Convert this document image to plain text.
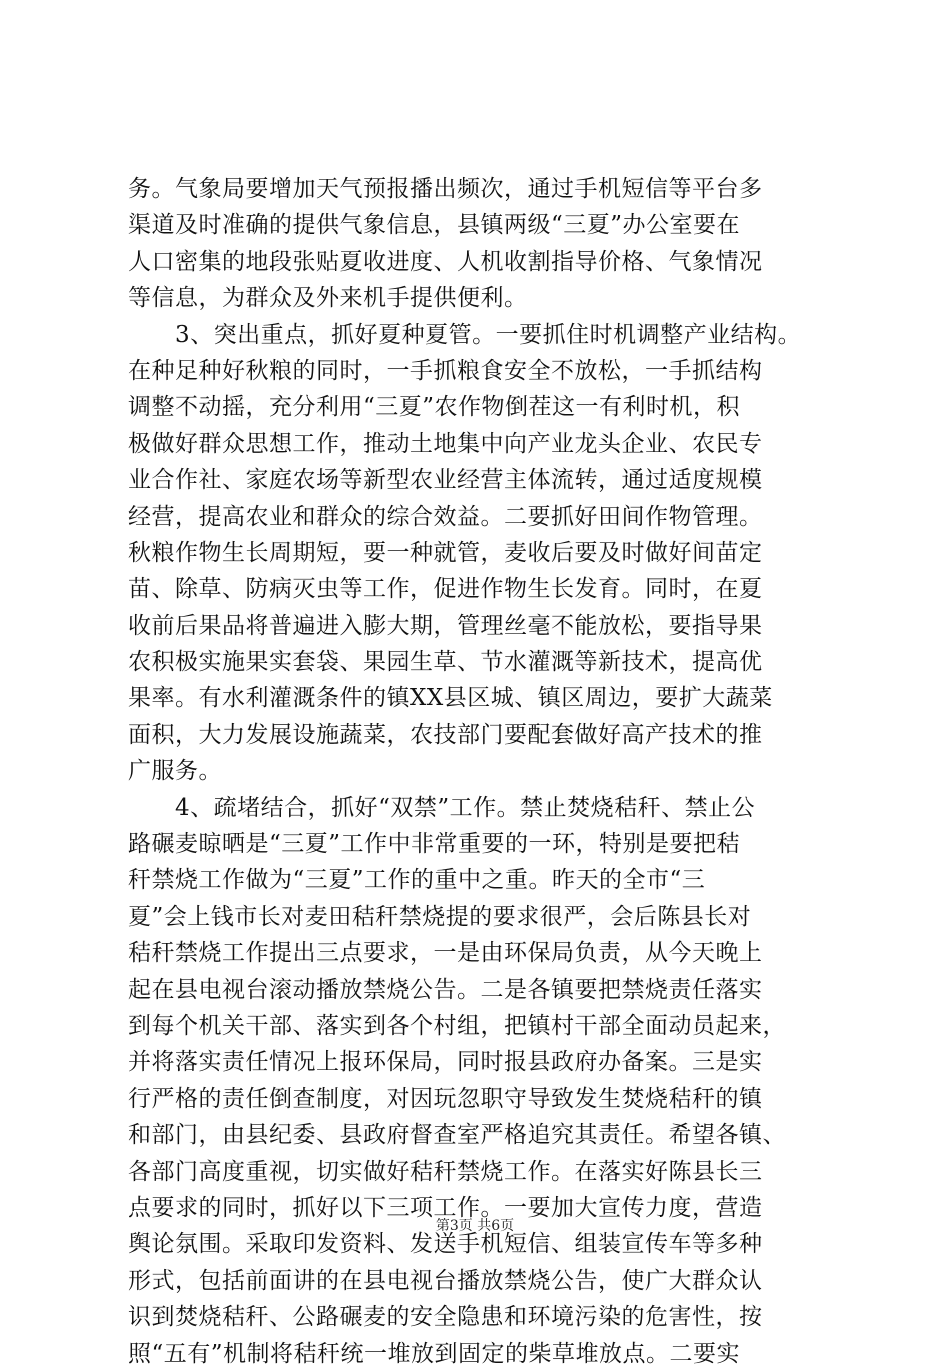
务。气象局要增加天气预报播出频次，通过手机短信等平台多
渠道及时准确的提供气象信息，县镇两级“三夏”办公室要在
人口密集的地段张贴夏收进度、人机收割指导价格、气象情况
等信息，为群众及外来机手提供便利。
　　3、突出重点，抓好夏种夏管。一要抓住时机调整产业结构。
在种足种好秋粮的同时，一手抓粮食安全不放松，一手抓结构
调整不动摇，充分利用“三夏”农作物倒茬这一有利时机，积
极做好群众思想工作，推动土地集中向产业龙头企业、农民专
业合作社、家庭农场等新型农业经营主体流转，通过适度规模
经营，提高农业和群众的综合效益。二要抓好田间作物管理。
秋粮作物生长周期短，要一种就管，麦收后要及时做好间苗定
苗、除草、防病灭虫等工作，促进作物生长发育。同时，在夏
收前后果品将普遍进入膨大期，管理丝毫不能放松，要指导果
农积极实施果实套袋、果园生草、节水灌溉等新技术，提高优
果率。有水利灌溉条件的镇XX县区城、镇区周边，要扩大蔬菜
面积，大力发展设施蔬菜，农技部门要配套做好高产技术的推
广服务。
　　4、疏堵结合，抓好“双禁”工作。禁止焚烧秸秆、禁止公
路碾麦晾晒是“三夏”工作中非常重要的一环，特别是要把秸
秆禁烧工作做为“三夏”工作的重中之重。昨天的全市“三
夏”会上钱市长对麦田秸秆禁烧提的要求很严，会后陈县长对
秸秆禁烧工作提出三点要求，一是由环保局负责，从今天晚上
起在县电视台滚动播放禁烧公告。二是各镇要把禁烧责任落实
到每个机关干部、落实到各个村组，把镇村干部全面动员起来，
并将落实责任情况上报环保局，同时报县政府办备案。三是实
行严格的责任倒查制度，对因玩忽职守导致发生焚烧秸秆的镇
和部门，由县纪委、县政府督查室严格追究其责任。希望各镇、
各部门高度重视，切实做好秸秆禁烧工作。在落实好陈县长三
点要求的同时，抓好以下三项工作。一要加大宣传力度，营造
舆论氛围。采取印发资料、发送手机短信、组装宣传车等多种
形式，包括前面讲的在县电视台播放禁烧公告，使广大群众认
识到焚烧秸秆、公路碾麦的安全隐患和环境污染的危害性，按
照“五有”机制将秸秆统一堆放到固定的柴草堆放点。二要实
第3页 共6页
